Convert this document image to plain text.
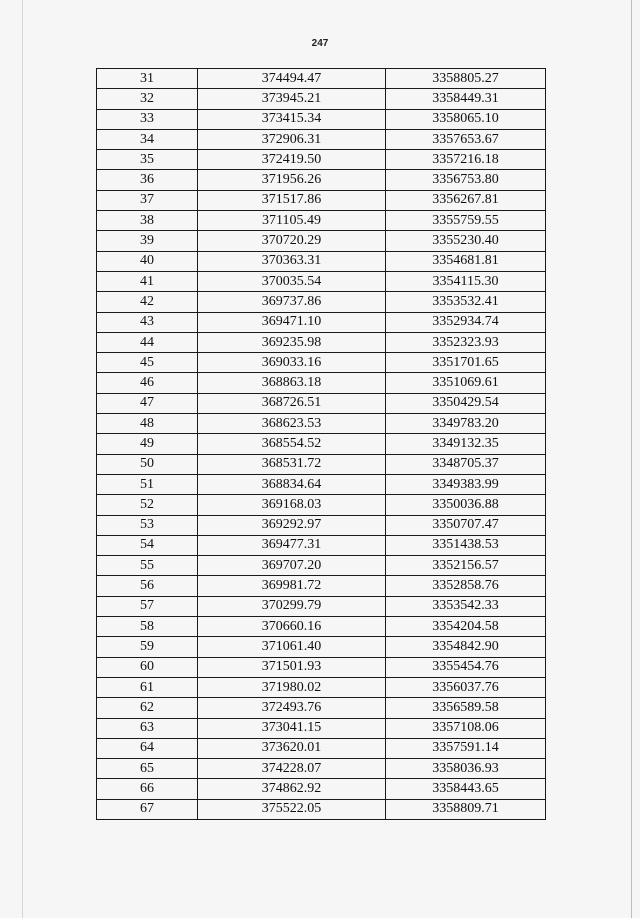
247
31	374494.47	3358805.27
32	373945.21	3358449.31
33	373415.34	3358065.10
34	372906.31	3357653.67
35	372419.50	3357216.18
36	371956.26	3356753.80
37	371517.86	3356267.81
38	371105.49	3355759.55
39	370720.29	3355230.40
40	370363.31	3354681.81
41	370035.54	3354115.30
42	369737.86	3353532.41
43	369471.10	3352934.74
44	369235.98	3352323.93
45	369033.16	3351701.65
46	368863.18	3351069.61
47	368726.51	3350429.54
48	368623.53	3349783.20
49	368554.52	3349132.35
50	368531.72	3348705.37
51	368834.64	3349383.99
52	369168.03	3350036.88
53	369292.97	3350707.47
54	369477.31	3351438.53
55	369707.20	3352156.57
56	369981.72	3352858.76
57	370299.79	3353542.33
58	370660.16	3354204.58
59	371061.40	3354842.90
60	371501.93	3355454.76
61	371980.02	3356037.76
62	372493.76	3356589.58
63	373041.15	3357108.06
64	373620.01	3357591.14
65	374228.07	3358036.93
66	374862.92	3358443.65
67	375522.05	3358809.71
